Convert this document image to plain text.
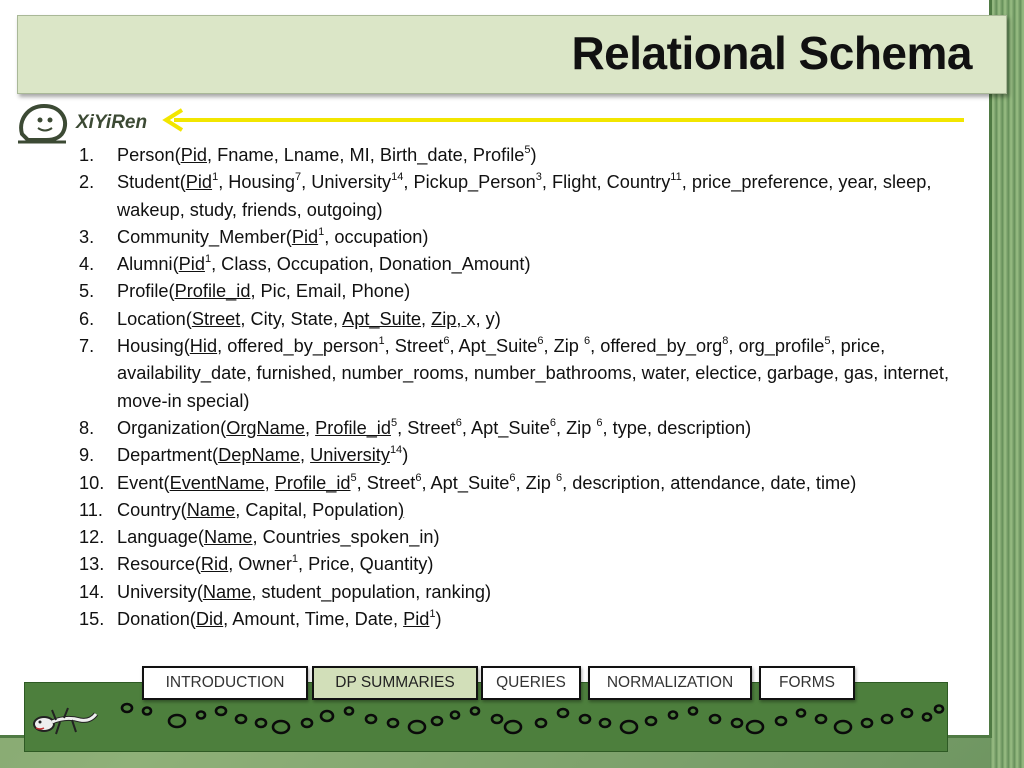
Relational Schema
XiYiRen
1. Person(Pid, Fname, Lname, MI, Birth_date, Profile$^5$)
2. Student(Pid$^1$, Housing$^7$, University$^{14}$, Pickup_Person$^3$, Flight, Country$^{11}$, price_preference, year, sleep, wakeup, study, friends, outgoing)
3. Community_Member(Pid$^1$, occupation)
4. Alumni(Pid$^1$, Class, Occupation, Donation_Amount)
5. Profile(Profile_id, Pic, Email, Phone)
6. Location(Street, City, State, Apt_Suite, Zip, x, y)
7. Housing(Hid, offered_by_person$^1$, Street$^6$, Apt_Suite$^6$, Zip $^6$, offered_by_org$^8$, org_profile$^5$, price, availability_date, furnished, number_rooms, number_bathrooms, water, electice, garbage, gas, internet, move-in special)
8. Organization(OrgName, $Profile\_id^5$, Street$^6$, Apt_Suite$^6$, Zip $^6$, type, description)
9. Department(DepName, University$^{14}$)
10. Event(EventName, $Profile\_id^5$, Street$^6$, Apt_Suite$^6$, Zip $^6$, description, attendance, date, time)
11. Country(Name, Capital, Population)
12. Language(Name, Countries_spoken_in)
13. Resource(Rid, Owner$^1$, Price, Quantity)
14. University(Name, student_population, ranking)
15. Donation(Did, Amount, Time, Date, Pid$^1$)
INTRODUCTION	DP SUMMARIES	QUERIES	NORMALIZATION	FORMS
